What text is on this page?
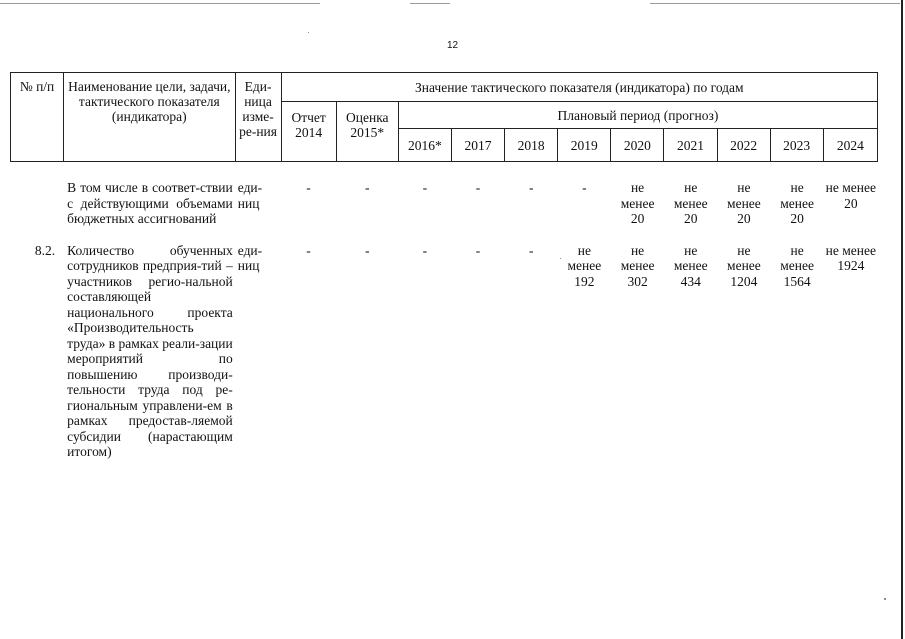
12
№ п/п	Наименование цели, задачи, тактического показателя (индикатора)	Еди-ница изме-ре-ния	Значение тактического показателя (индикатора) по годам										
			Отчет 2014	Оценка 2015*	Плановый период (прогноз)								
					2016*	2017	2018	2019	2020	2021	2022	2023	2024
	В том числе в соответ-ствии с действующими объемами бюджетных ассигнований	еди-ниц	-	-	-	-	-	-	не менее 20	не менее 20	не менее 20	не менее 20	не менее 20
8.2.	Количество обученных сотрудников предприя-тий – участников регио-нальной составляющей национального проекта «Производительность труда» в рамках реали-зации мероприятий по повышению производи-тельности труда под ре-гиональным управлени-ем в рамках предостав-ляемой субсидии (нарастающим итогом)	еди-ниц	-	-	-	-	-	не менее 192	не менее 302	не менее 434	не менее 1204	не менее 1564	не менее 1924
